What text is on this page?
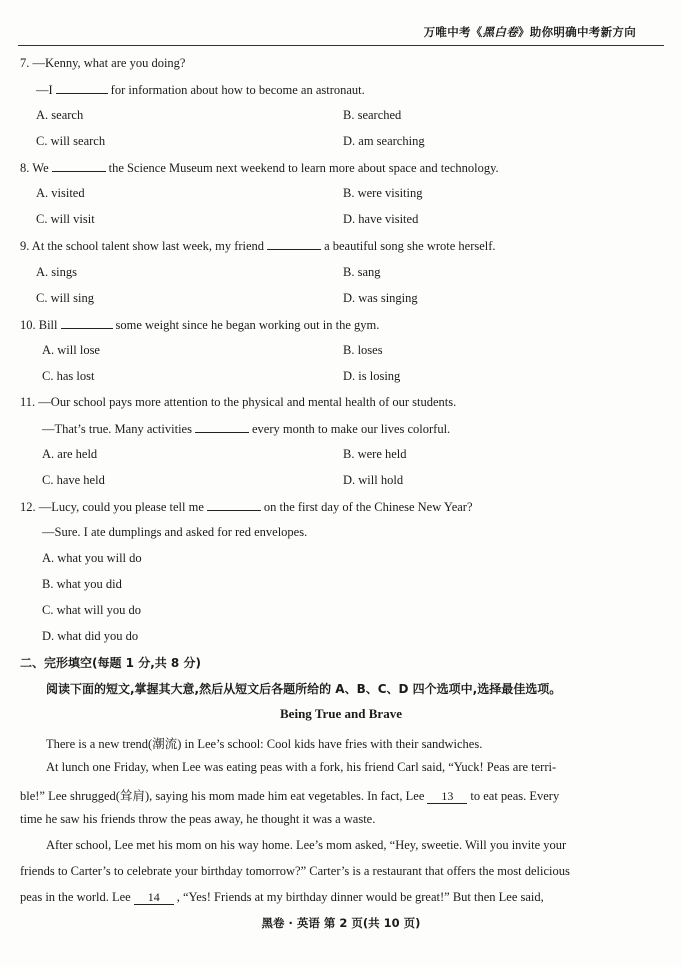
万唯中考《黑白卷》助你明确中考新方向
7. —Kenny, what are you doing?
—I	for information about how to become an astronaut.
A. search	B. searched
C. will search	D. am searching
8. We	the Science Museum next weekend to learn more about space and technology.
A. visited	B. were visiting
C. will visit	D. have visited
9. At the school talent show last week, my friend	a beautiful song she wrote herself.
A. sings	B. sang
C. will sing	D. was singing
10. Bill	some weight since he began working out in the gym.
A. will lose	B. loses
C. has lost	D. is losing
11. —Our school pays more attention to the physical and mental health of our students.
—That’s true. Many activities	every month to make our lives colorful.
A. are held	B. were held
C. have held	D. will hold
12. —Lucy, could you please tell me	on the first day of the Chinese New Year?
—Sure. I ate dumplings and asked for red envelopes.
A. what you will do
B. what you did
C. what will you do
D. what did you do
二、完形填空(每题 1 分,共 8 分)
阅读下面的短文,掌握其大意,然后从短文后各题所给的 A、B、C、D 四个选项中,选择最佳选项。
Being True and Brave
There is a new trend(潮流) in Lee’s school: Cool kids have fries with their sandwiches.
At lunch one Friday, when Lee was eating peas with a fork, his friend Carl said, “Yuck! Peas are terri-
ble!” Lee shrugged(耸肩), saying his mom made him eat vegetables. In fact, Lee 13 to eat peas. Every
time he saw his friends throw the peas away, he thought it was a waste.
After school, Lee met his mom on his way home. Lee’s mom asked, “Hey, sweetie. Will you invite your
friends to Carter’s to celebrate your birthday tomorrow?” Carter’s is a restaurant that offers the most delicious
peas in the world. Lee 14 , “Yes! Friends at my birthday dinner would be great!” But then Lee said,
黑卷 · 英语 第 2 页(共 10 页)
